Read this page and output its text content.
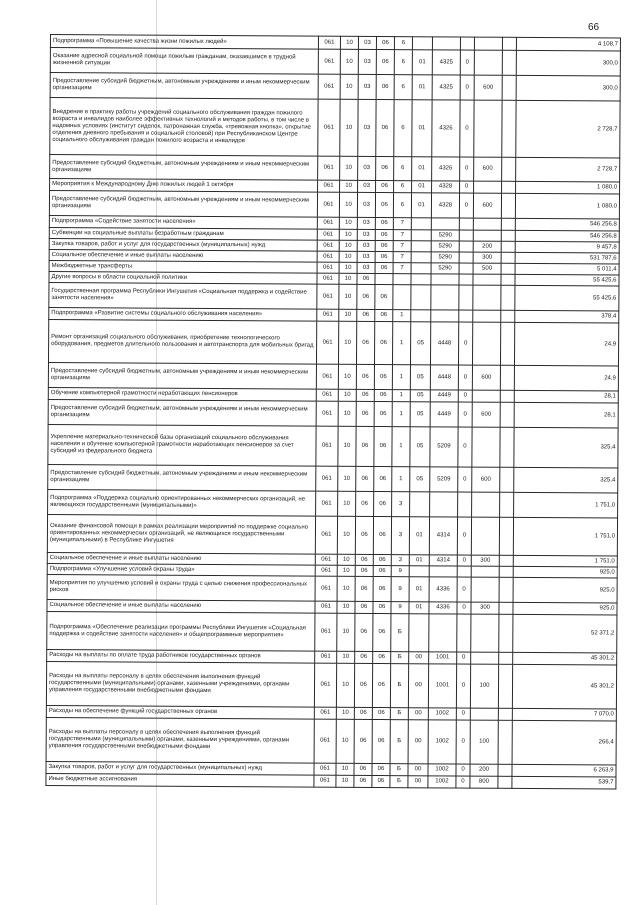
66
Подпрограмма «Повышение качества жизни пожилых людей»	061	10	03	06	6						4 108,7
Оказание адресной социальной помощи пожилым гражданам, оказавшимся в трудной жизненной ситуации	061	10	03	06	6	01	4325	0			300,0
Предоставление субсидий бюджетным, автономным учреждениям и иным некоммерческим организациям	061	10	03	06	6	01	4325	0	600		300,0
Внедрение в практику работы учреждений социального обслуживания граждан пожилого возраста и инвалидов наиболее эффективных технологий и методов работы, в том числе в надомных условиях (институт сиделок, патронажная служба, «тревожная кнопка», открытие отделения дневного пребывания и социальной столовой) при Республиканском Центре социального обслуживания граждан пожилого возраста и инвалидов	061	10	03	06	6	01	4326	0			2 728,7
Предоставление субсидий бюджетным, автономным учреждениям и иным некоммерческим организациям	061	10	03	06	6	01	4326	0	600		2 728,7
Мероприятия к Международному Дню пожилых людей 1 октября	061	10	03	06	6	01	4328	0			1 080,0
Предоставление субсидий бюджетным, автономным учреждениям и иным некоммерческим организациям	061	10	03	06	6	01	4328	0	600		1 080,0
Подпрограмма «Содействие занятости населения»	061	10	03	06	7						546 256,8
Субвенции на социальные выплаты безработным гражданам	061	10	03	06	7		5290				546 256,8
Закупка товаров, работ и услуг для государственных (муниципальных) нужд	061	10	03	06	7		5290		200		9 457,8
Социальное обеспечение и иные выплаты населению	061	10	03	06	7		5290		300		531 787,6
Межбюджетные трансферты	061	10	03	06	7		5290		500		5 011,4
Другие вопросы в области социальной политики	061	10	06								55 425,6
Государственная программа Республики Ингушетия «Социальная поддержка и содействие занятости населения»	061	10	06	06							55 425,6
Подпрограмма «Развитие системы социального обслуживания населения»	061	10	06	06	1						378,4
Ремонт организаций социального обслуживания, приобретение технологического оборудования, предметов длительного пользования и автотранспорта для мобильных бригад	061	10	06	06	1	05	4448	0			24,9
Предоставление субсидий бюджетным, автономным учреждениям и иным некоммерческим организациям	061	10	06	06	1	05	4448	0	600		24,9
Обучение компьютерной грамотности неработающих пенсионеров	061	10	06	06	1	05	4449	0			28,1
Предоставление субсидий бюджетным, автономным учреждениям и иным некоммерческим организациям	061	10	06	06	1	05	4449	0	600		28,1
Укрепление материально-технической базы организаций социального обслуживания населения и обучение компьютерной грамотности неработающих пенсионеров за счет субсидий из федерального бюджета	061	10	06	06	1	05	5209	0			325,4
Предоставление субсидий бюджетным, автономным учреждениям и иным некоммерческим организациям	061	10	06	06	1	05	5209	0	600		325,4
Подпрограмма «Поддержка социально ориентированных некоммерческих организаций, не являющихся государственными (муниципальными)»	061	10	06	06	3						1 751,0
Оказание финансовой помощи в рамках реализации мероприятий по поддержке социально ориентированных некоммерческих организаций, не являющихся государственными (муниципальными) в Республике Ингушетия	061	10	06	06	3	01	4314	0			1 751,0
Социальное обеспечение и иные выплаты населению	061	10	06	06	3	01	4314	0	300		1 751,0
Подпрограмма «Улучшение условий охраны труда»	061	10	06	06	9						925,0
Мероприятия по улучшению условий и охраны труда с целью снижения профессиональных рисков	061	10	06	06	9	01	4336	0			925,0
Социальное обеспечение и иные выплаты населению	061	10	06	06	9	01	4336	0	300		925,0
Подпрограмма «Обеспечение реализации программы Республики Ингушетия «Социальная поддержка и содействие занятости населения» и общепрограммные мероприятия»	061	10	06	06	Б						52 371,2
Расходы на выплаты по оплате труда работников государственных органов	061	10	06	06	Б	00	1001	0			45 301,2
Расходы на выплаты персоналу в целях обеспечения выполнения функций государственными (муниципальными) органами, казенными учреждениями, органами управления государственными внебюджетными фондами	061	10	06	06	Б	00	1001	0	100		45 301,2
Расходы на обеспечение функций государственных органов	061	10	06	06	Б	00	1002	0			7 070,0
Расходы на выплаты персоналу в целях обеспечения выполнения функций государственными (муниципальными) органами, казенными учреждениями, органами управления государственными внебюджетными фондами	061	10	06	06	Б	00	1002	0	100		266,4
Закупка товаров, работ и услуг для государственных (муниципальных) нужд	061	10	06	06	Б	00	1002	0	200		6 263,9
Иные бюджетные ассигнования	061	10	06	06	Б	00	1002	0	800		539,7
